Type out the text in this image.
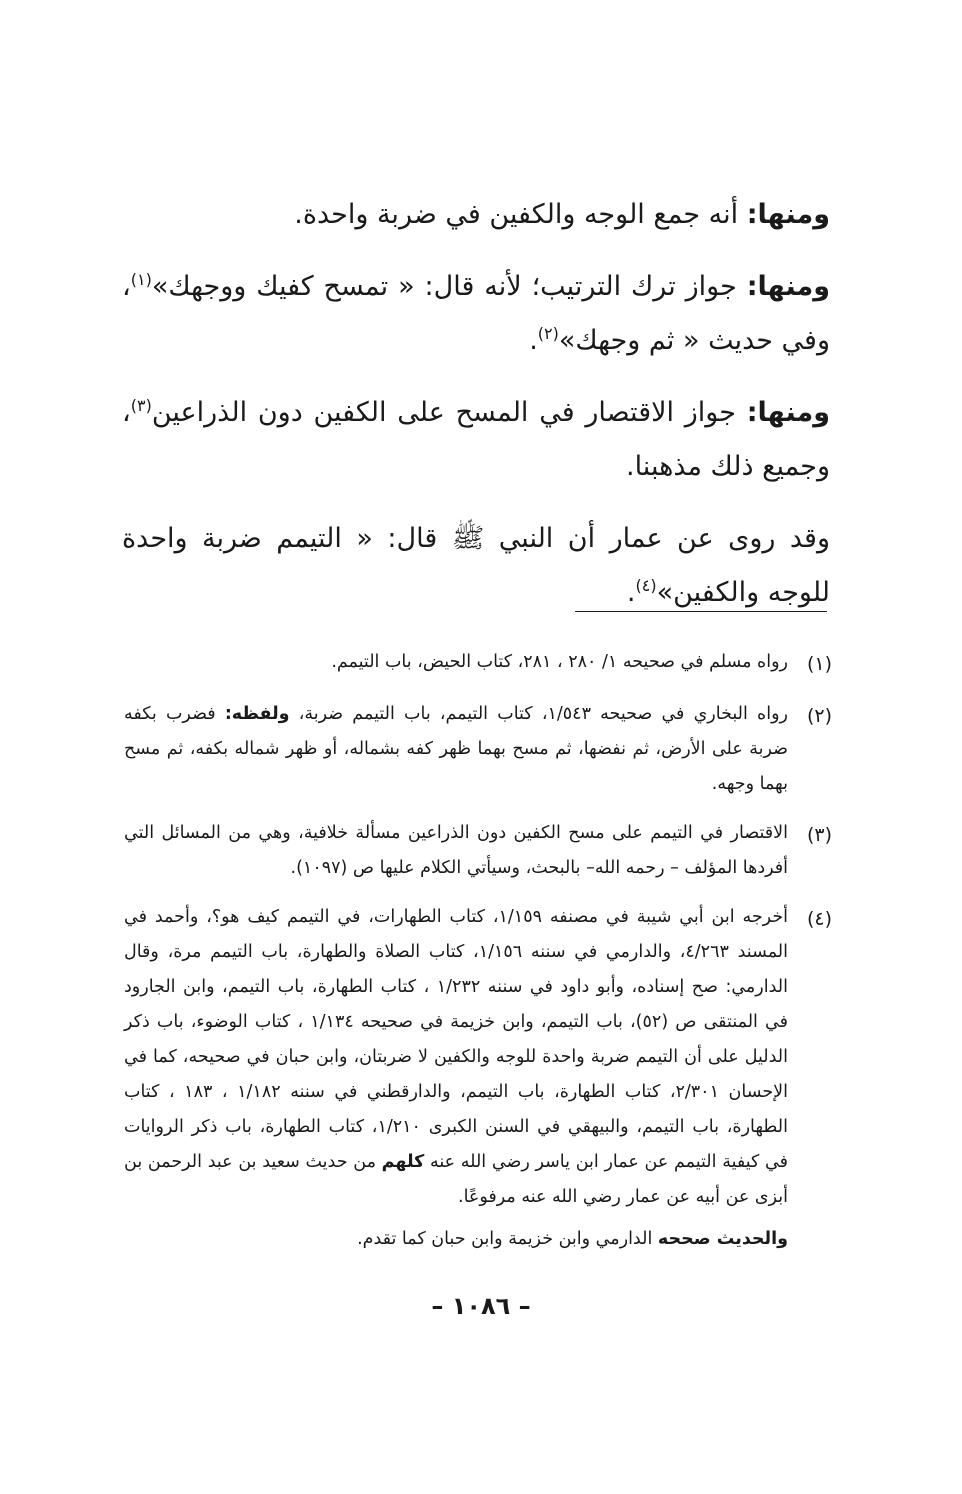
ومنها: أنه جمع الوجه والكفين في ضربة واحدة.

ومنها: جواز ترك الترتيب؛ لأنه قال: « تمسح كفيك ووجهك»$^{(١)}$، وفي حديث « ثم وجهك»$^{(٢)}$.

ومنها: جواز الاقتصار في المسح على الكفين دون الذراعين$^{(٣)}$، وجميع ذلك مذهبنا.

وقد روى عن عمار أن النبي ﷺ قال: « التيمم ضربة واحدة للوجه والكفين»$^{(٤)}$.

(١)
رواه مسلم في صحيحه ١/ ٢٨٠ ، ٢٨١، كتاب الحيض، باب التيمم.
(٢)
رواه البخاري في صحيحه ١/٥٤٣، كتاب التيمم، باب التيمم ضربة، ولفظه: فضرب بكفه ضربة على الأرض، ثم نفضها، ثم مسح بهما ظهر كفه بشماله، أو ظهر شماله بكفه، ثم مسح بهما وجهه.
(٣)
الاقتصار في التيمم على مسح الكفين دون الذراعين مسألة خلافية، وهي من المسائل التي أفردها المؤلف – رحمه الله– بالبحث، وسيأتي الكلام عليها ص (١٠٩٧).
(٤)
أخرجه ابن أبي شيبة في مصنفه ١/١٥٩، كتاب الطهارات، في التيمم كيف هو؟، وأحمد في المسند ٤/٢٦٣، والدارمي في سننه ١/١٥٦، كتاب الصلاة والطهارة، باب التيمم مرة، وقال الدارمي: صح إسناده، وأبو داود في سننه ١/٢٣٢ ، كتاب الطهارة، باب التيمم، وابن الجارود في المنتقى ص (٥٢)، باب التيمم، وابن خزيمة في صحيحه ١/١٣٤ ، كتاب الوضوء، باب ذكر الدليل على أن التيمم ضربة واحدة للوجه والكفين لا ضربتان، وابن حبان في صحيحه، كما في الإحسان ٢/٣٠١، كتاب الطهارة، باب التيمم، والدارقطني في سننه ١/١٨٢ ، ١٨٣ ، كتاب الطهارة، باب التيمم، والبيهقي في السنن الكبرى ١/٢١٠، كتاب الطهارة، باب ذكر الروايات في كيفية التيمم عن عمار ابن ياسر رضي الله عنه كلهم من حديث سعيد بن عبد الرحمن بن أبزى عن أبيه عن عمار رضي الله عنه مرفوعًا.
والحديث صححه الدارمي وابن خزيمة وابن حبان كما تقدم.
– ١٠٨٦ –
